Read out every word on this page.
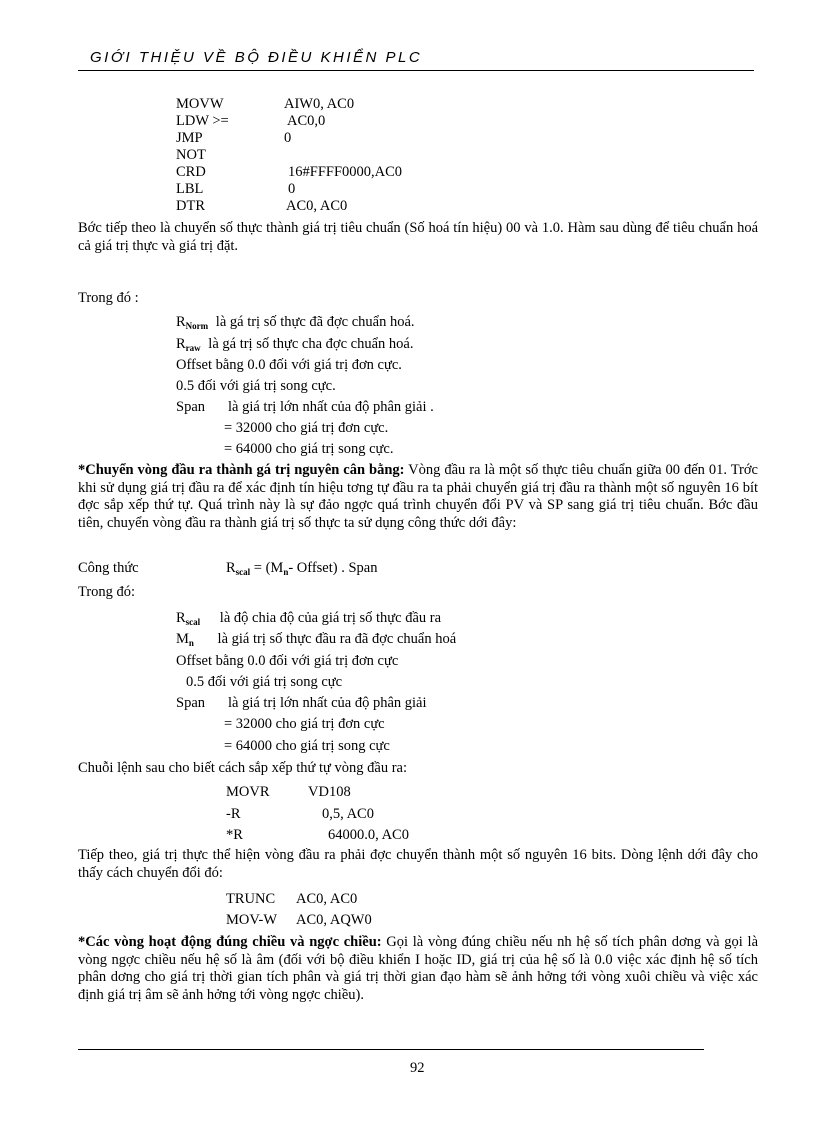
GIỚI THIỆU VỀ BỘ ĐIỀU KHIỂN PLC
MOVW	AIW0, AC0
LDW >=	AC0,0
JMP	0
NOT
CRD	16#FFFF0000,AC0
LBL	0
DTR	AC0, AC0
Bớc tiếp theo là chuyển số thực thành giá trị tiêu chuẩn (Số hoá tín hiệu) 00 và 1.0. Hàm sau dùng để tiêu chuẩn hoá cả giá trị thực và giá trị đặt.
Trong đó :
$R_{Norm}$ là gá trị số thực đã đợc chuẩn hoá.
$R_{raw}$ là gá trị số thực cha đợc chuẩn hoá.
Offset bằng 0.0 đối với giá trị đơn cực.
0.5 đối với giá trị song cực.
Span là giá trị lớn nhất của độ phân giải .
= 32000 cho giá trị đơn cực.
= 64000 cho giá trị song cực.
*Chuyển vòng đầu ra thành gá trị nguyên cân bằng: Vòng đầu ra là một số thực tiêu chuẩn giữa 00 đến 01. Trớc khi sử dụng giá trị đầu ra để xác định tín hiệu tơng tự đầu ra ta phải chuyển giá trị đầu ra thành một số nguyên 16 bít đợc sắp xếp thứ tự. Quá trình này là sự đảo ngợc quá trình chuyển đổi PV và SP sang giá trị tiêu chuẩn. Bớc đầu tiên, chuyển vòng đầu ra thành giá trị số thực ta sử dụng công thức dới đây:
Công thức	$R_{scal} = (M_n-$ Offset) . Span
Trong đó:
$R_{scal}$ là độ chia độ của giá trị số thực đầu ra
$M_n$ là giá trị số thực đầu ra đã đợc chuẩn hoá
Offset bằng 0.0 đối với giá trị đơn cực
0.5 đối với giá trị song cực
Span là giá trị lớn nhất của độ phân giải
= 32000 cho giá trị đơn cực
= 64000 cho giá trị song cực
Chuỗi lệnh sau cho biết cách sắp xếp thứ tự vòng đầu ra:
MOVR	VD108
-R	0,5, AC0
*R	64000.0, AC0
Tiếp theo, giá trị thực thể hiện vòng đầu ra phải đợc chuyển thành một số nguyên 16 bits. Dòng lệnh dới đây cho thấy cách chuyển đổi đó:
TRUNC AC0, AC0
MOV-W AC0, AQW0
*Các vòng hoạt động đúng chiều và ngợc chiều: Gọi là vòng đúng chiều nếu nh hệ số tích phân dơng và gọi là vòng ngợc chiều nếu hệ số là âm (đối với bộ điều khiển I hoặc ID, giá trị của hệ số là 0.0 việc xác định hệ số tích phân dơng cho giá trị thời gian tích phân và giá trị thời gian đạo hàm sẽ ảnh hởng tới vòng xuôi chiều và việc xác định giá trị âm sẽ ảnh hởng tới vòng ngợc chiều).
92
